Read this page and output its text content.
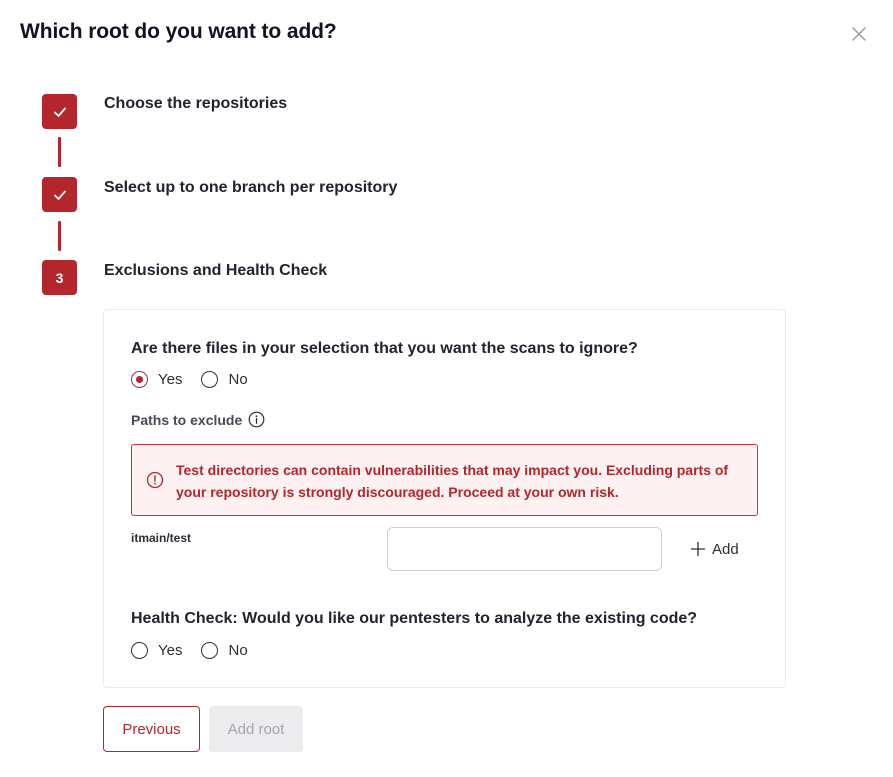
Which root do you want to add?
Choose the repositories
Select up to one branch per repository
3	Exclusions and Health Check
Are there files in your selection that you want the scans to ignore?
Yes	No
Paths to exclude
Test directories can contain vulnerabilities that may impact you. Excluding parts of your repository is strongly discouraged. Proceed at your own risk.
itmain/test
Add
Health Check: Would you like our pentesters to analyze the existing code?
Yes	No
Previous	Add root
